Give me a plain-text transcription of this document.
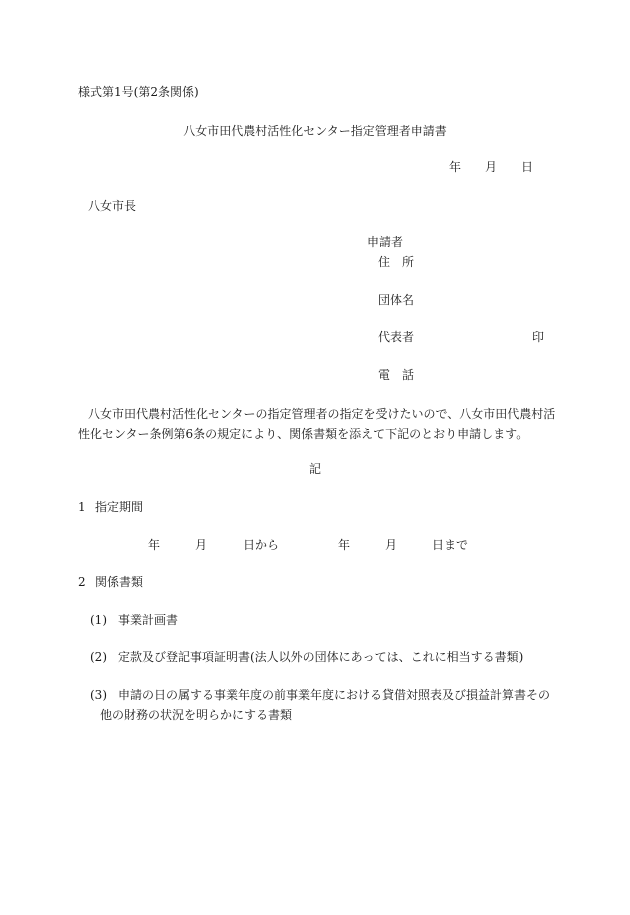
様式第1号(第2条関係)
八女市田代農村活性化センター指定管理者申請書
年 月 日
八女市長
申請者
住　所
団体名
代表者	印
電　話
八女市田代農村活性化センターの指定管理者の指定を受けたいので、八女市田代農村活
性化センター条例第6条の規定により、関係書類を添えて下記のとおり申請します。
記
1 指定期間
年	月	日から	年	月	日まで
2 関係書類
(1) 事業計画書
(2) 定款及び登記事項証明書(法人以外の団体にあっては、これに相当する書類)
(3) 申請の日の属する事業年度の前事業年度における貸借対照表及び損益計算書その
他の財務の状況を明らかにする書類
